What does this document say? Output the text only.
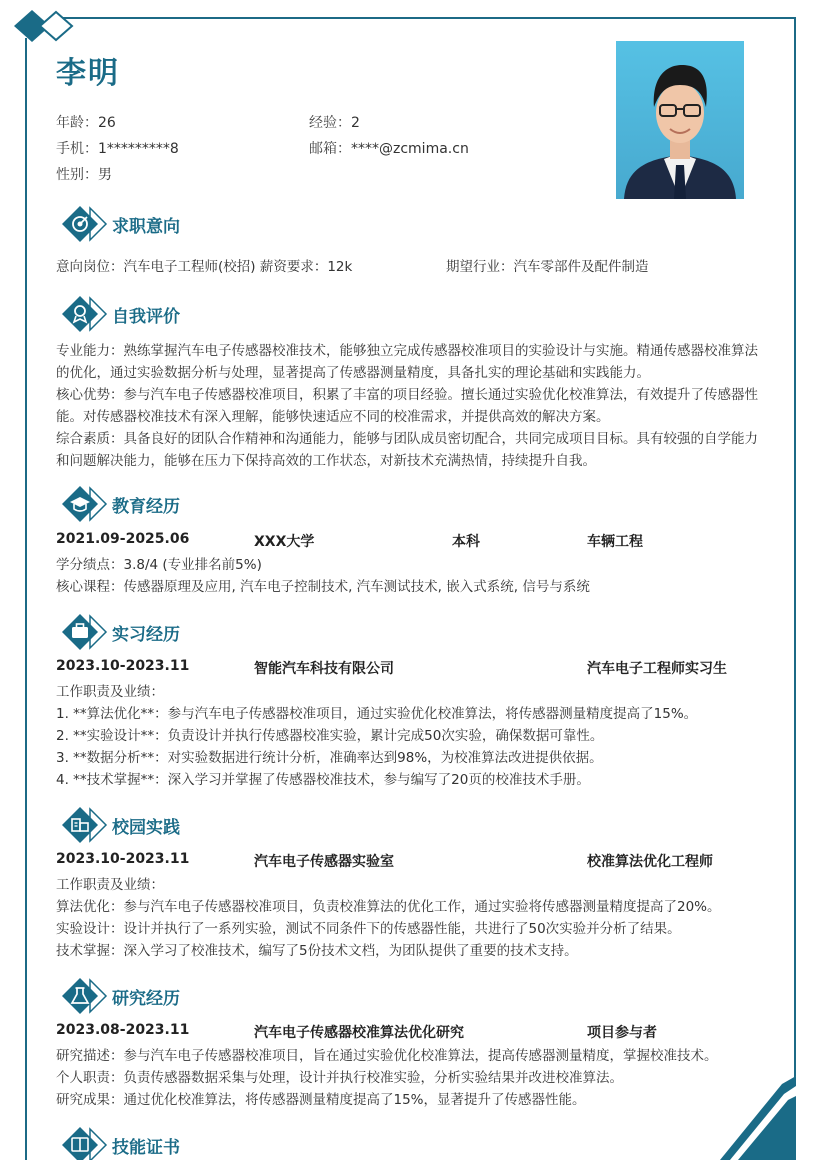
李明
年龄：26	经验：2
手机：1*********8	邮箱：****@zcmima.cn
性别：男
求职意向
意向岗位：汽车电子工程师(校招) 薪资要求：12k	期望行业：汽车零部件及配件制造
自我评价
专业能力：熟练掌握汽车电子传感器校准技术，能够独立完成传感器校准项目的实验设计与实施。精通传感器校准算法的优化，通过实验数据分析与处理，显著提高了传感器测量精度，具备扎实的理论基础和实践能力。
核心优势：参与汽车电子传感器校准项目，积累了丰富的项目经验。擅长通过实验优化校准算法，有效提升了传感器性能。对传感器校准技术有深入理解，能够快速适应不同的校准需求，并提供高效的解决方案。
综合素质：具备良好的团队合作精神和沟通能力，能够与团队成员密切配合，共同完成项目目标。具有较强的自学能力和问题解决能力，能够在压力下保持高效的工作状态，对新技术充满热情，持续提升自我。
教育经历
2021.09-2025.06	XXX大学	本科	车辆工程
学分绩点：3.8/4 (专业排名前5%)
核心课程：传感器原理及应用, 汽车电子控制技术, 汽车测试技术, 嵌入式系统, 信号与系统
实习经历
2023.10-2023.11	智能汽车科技有限公司	汽车电子工程师实习生
工作职责及业绩：
1. **算法优化**：参与汽车电子传感器校准项目，通过实验优化校准算法，将传感器测量精度提高了15%。
2. **实验设计**：负责设计并执行传感器校准实验，累计完成50次实验，确保数据可靠性。
3. **数据分析**：对实验数据进行统计分析，准确率达到98%，为校准算法改进提供依据。
4. **技术掌握**：深入学习并掌握了传感器校准技术，参与编写了20页的校准技术手册。
校园实践
2023.10-2023.11	汽车电子传感器实验室	校准算法优化工程师
工作职责及业绩：
算法优化：参与汽车电子传感器校准项目，负责校准算法的优化工作，通过实验将传感器测量精度提高了20%。
实验设计：设计并执行了一系列实验，测试不同条件下的传感器性能，共进行了50次实验并分析了结果。
技术掌握：深入学习了校准技术，编写了5份技术文档，为团队提供了重要的技术支持。
研究经历
2023.08-2023.11	汽车电子传感器校准算法优化研究	项目参与者
研究描述：参与汽车电子传感器校准项目，旨在通过实验优化校准算法，提高传感器测量精度，掌握校准技术。
个人职责：负责传感器数据采集与处理，设计并执行校准实验，分析实验结果并改进校准算法。
研究成果：通过优化校准算法，将传感器测量精度提高了15%，显著提升了传感器性能。
技能证书
